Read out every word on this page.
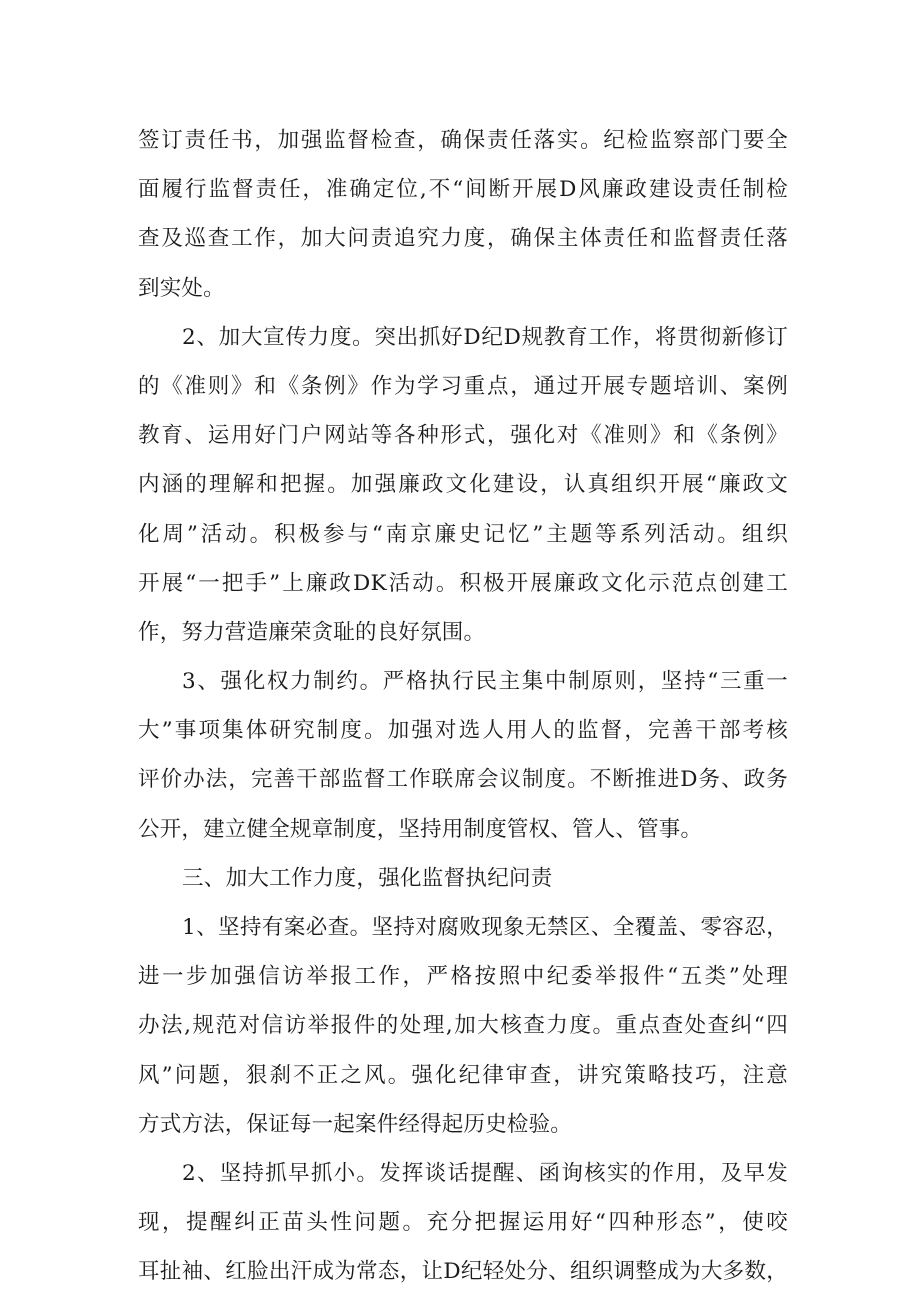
签订责任书，加强监督检查，确保责任落实。纪检监察部门要全
面履行监督责任，准确定位,不“间断开展D风廉政建设责任制检
查及巡查工作，加大问责追究力度，确保主体责任和监督责任落
到实处。
2、加大宣传力度。突出抓好D纪D规教育工作，将贯彻新修订
的《准则》和《条例》作为学习重点，通过开展专题培训、案例
教育、运用好门户网站等各种形式，强化对《准则》和《条例》
内涵的理解和把握。加强廉政文化建设，认真组织开展“廉政文
化周”活动。积极参与“南京廉史记忆”主题等系列活动。组织
开展“一把手”上廉政DK活动。积极开展廉政文化示范点创建工
作，努力营造廉荣贪耻的良好氛围。
3、强化权力制约。严格执行民主集中制原则，坚持“三重一
大”事项集体研究制度。加强对选人用人的监督，完善干部考核
评价办法，完善干部监督工作联席会议制度。不断推进D务、政务
公开，建立健全规章制度，坚持用制度管权、管人、管事。
三、加大工作力度，强化监督执纪问责
1、坚持有案必查。坚持对腐败现象无禁区、全覆盖、零容忍，
进一步加强信访举报工作，严格按照中纪委举报件“五类”处理
办法,规范对信访举报件的处理,加大核查力度。重点查处查纠“四
风”问题，狠刹不正之风。强化纪律审查，讲究策略技巧，注意
方式方法，保证每一起案件经得起历史检验。
2、坚持抓早抓小。发挥谈话提醒、函询核实的作用，及早发
现，提醒纠正苗头性问题。充分把握运用好“四种形态”，使咬
耳扯袖、红脸出汗成为常态，让D纪轻处分、组织调整成为大多数，
